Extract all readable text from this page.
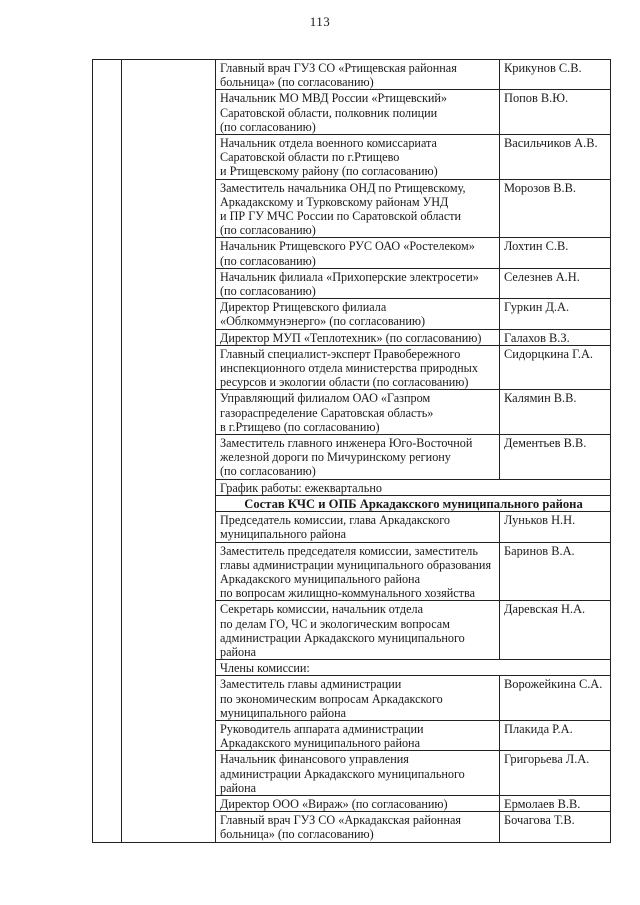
113
		Главный врач ГУЗ СО «Ртищевская районная
больница» (по согласованию)	Крикунов С.В.
		Начальник МО МВД России «Ртищевский»
Саратовской области, полковник полиции
(по согласованию)	Попов В.Ю.
		Начальник отдела военного комиссариата
Саратовской области по г.Ртищево
и Ртищевскому району (по согласованию)	Васильчиков А.В.
		Заместитель начальника ОНД по Ртищевскому,
Аркадакскому и Турковскому районам УНД
и ПР ГУ МЧС России по Саратовской области
(по согласованию)	Морозов В.В.
		Начальник Ртищевского РУС ОАО «Ростелеком»
(по согласованию)	Лохтин С.В.
		Начальник филиала «Прихоперские электросети»
(по согласованию)	Селезнев А.Н.
		Директор Ртищевского филиала
«Облкоммунэнерго» (по согласованию)	Гуркин Д.А.
		Директор МУП «Теплотехник» (по согласованию)	Галахов В.З.
		Главный специалист-эксперт Правобережного
инспекционного отдела министерства природных
ресурсов и экологии области (по согласованию)	Сидорцкина Г.А.
		Управляющий филиалом ОАО «Газпром
газораспределение Саратовская область»
в г.Ртищево (по согласованию)	Калямин В.В.
		Заместитель главного инженера Юго-Восточной
железной дороги по Мичуринскому региону
(по согласованию)	Дементьев В.В.
		График работы: ежеквартально	
		Состав КЧС и ОПБ Аркадакского муниципального района	
		Председатель комиссии, глава Аркадакского
муниципального района	Луньков Н.Н.
		Заместитель председателя комиссии, заместитель
главы администрации муниципального образования
Аркадакского муниципального района
по вопросам жилищно-коммунального хозяйства	Баринов В.А.
		Секретарь комиссии, начальник отдела
по делам ГО, ЧС и экологическим вопросам
администрации Аркадакского муниципального
района	Даревская Н.А.
		Члены комиссии:	
		Заместитель главы администрации
по экономическим вопросам Аркадакского
муниципального района	Ворожейкина С.А.
		Руководитель аппарата администрации
Аркадакского муниципального района	Плакида Р.А.
		Начальник финансового управления
администрации Аркадакского муниципального
района	Григорьева Л.А.
		Директор ООО «Вираж» (по согласованию)	Ермолаев В.В.
		Главный врач ГУЗ СО «Аркадакская районная
больница» (по согласованию)	Бочагова Т.В.
